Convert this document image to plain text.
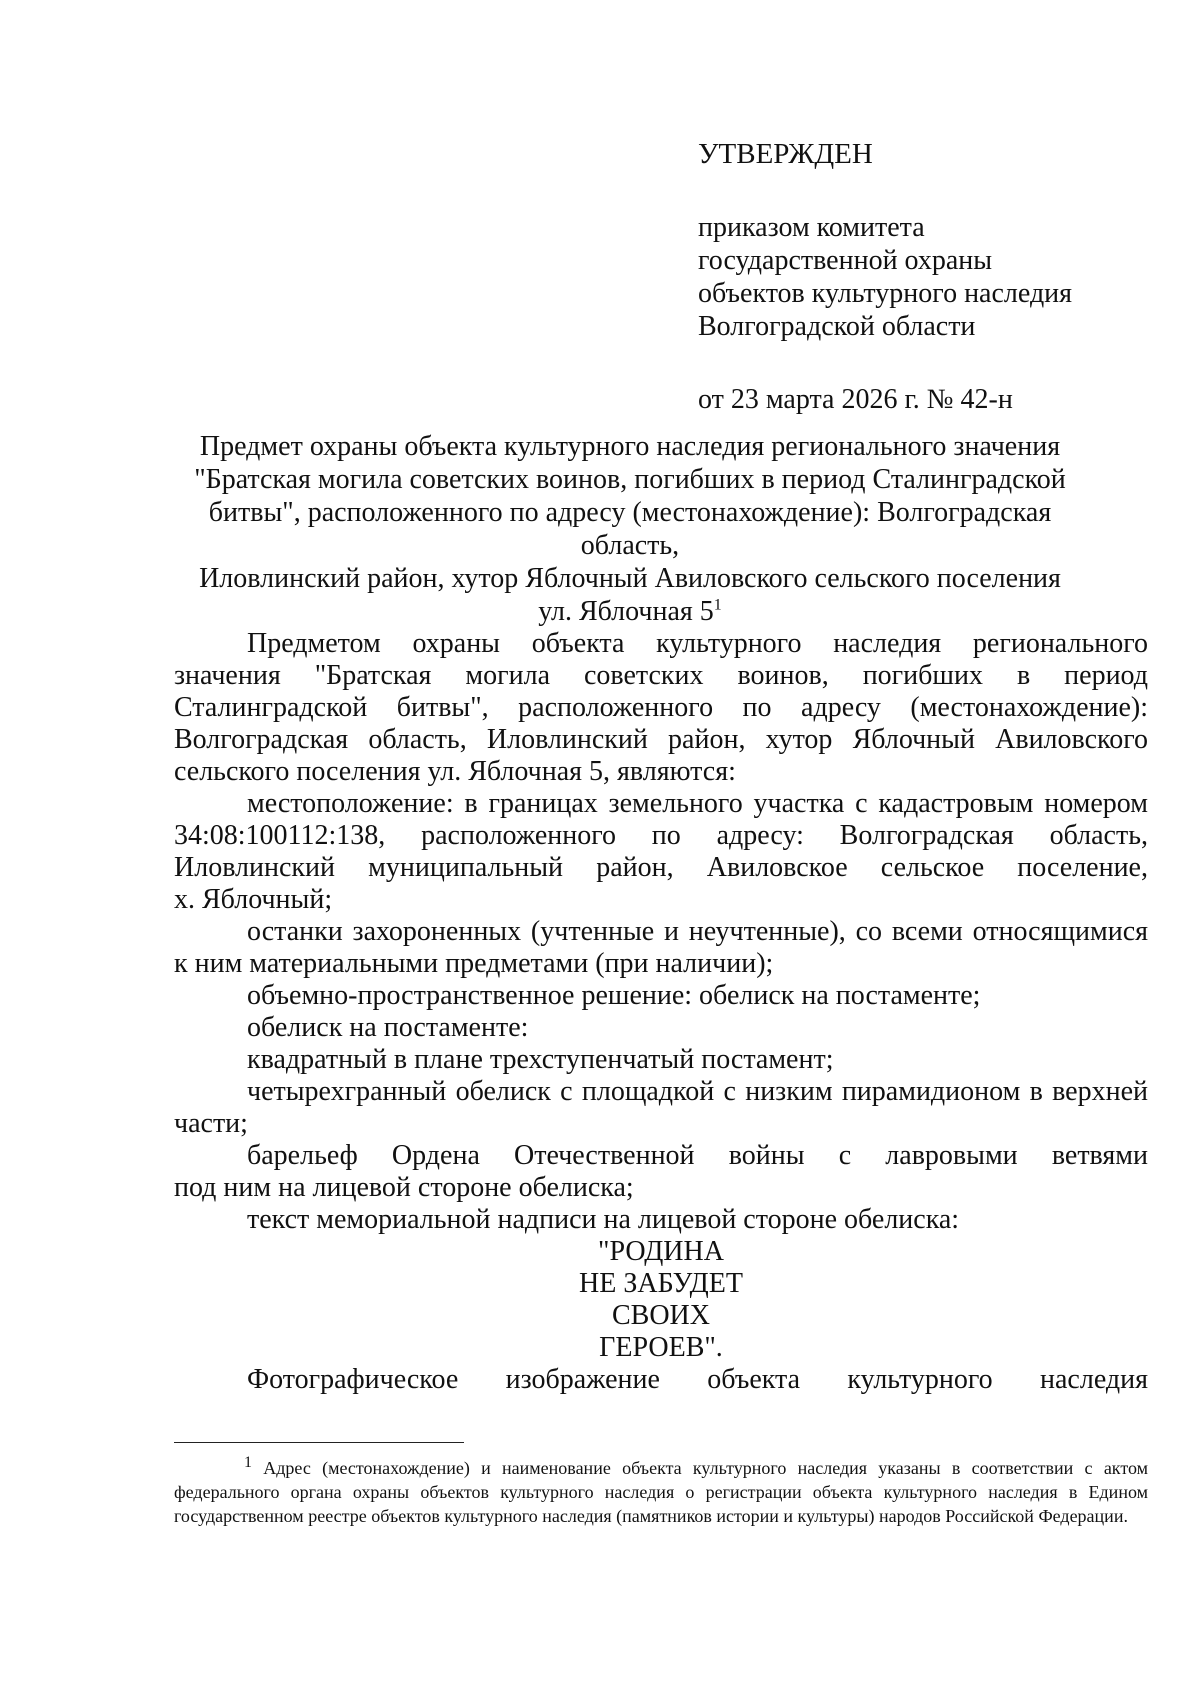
УТВЕРЖДЕН
приказом комитета
государственной охраны
объектов культурного наследия
Волгоградской области
от 23 марта 2026 г. № 42-н
Предмет охраны объекта культурного наследия регионального значения
"Братская могила советских воинов, погибших в период Сталинградской
битвы", расположенного по адресу (местонахождение): Волгоградская область,
Иловлинский район, хутор Яблочный Авиловского сельского поселения
ул. Яблочная $5^1$

Предметом охраны объекта культурного наследия регионального

значения "Братская могила советских воинов, погибших в период

Сталинградской битвы", расположенного по адресу (местонахождение):

Волгоградская область, Иловлинский район, хутор Яблочный Авиловского

сельского поселения ул. Яблочная 5, являются:

местоположение: в границах земельного участка с кадастровым номером

34:08:100112:138, расположенного по адресу: Волгоградская область,

Иловлинский муниципальный район, Авиловское сельское поселение,

х. Яблочный;

останки захороненных (учтенные и неучтенные), со всеми относящимися

к ним материальными предметами (при наличии);

объемно-пространственное решение: обелиск на постаменте;

обелиск на постаменте:

квадратный в плане трехступенчатый постамент;

четырехгранный обелиск с площадкой с низким пирамидионом в верхней

части;

барельеф Ордена Отечественной войны с лавровыми ветвями

под ним на лицевой стороне обелиска;

текст мемориальной надписи на лицевой стороне обелиска:

"РОДИНА

НЕ ЗАБУДЕТ

СВОИХ

ГЕРОЕВ".

Фотографическое изображение объекта культурного наследия

1 Адрес (местонахождение) и наименование объекта культурного наследия указаны в соответствии с актом федерального органа охраны объектов культурного наследия о регистрации объекта культурного наследия в Едином государственном реестре объектов культурного наследия (памятников истории и культуры) народов Российской Федерации.
